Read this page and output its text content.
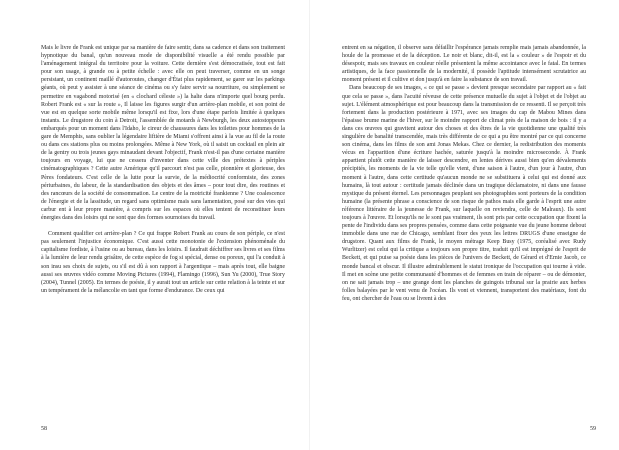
Mais le livre de Frank est unique par sa manière de faire sentir, dans sa cadence et dans son traitement hypnotique du banal, qu'un nouveau mode de disponibilité visuelle a été rendu possible par l'aménagement intégral du territoire pour la voiture. Cette dernière s'est démocratisée, tout est fait pour son usage, à grande ou à petite échelle : avec elle on peut traverser, comme en un songe persistant, un continent maillé d'autoroutes, changer d'État plus rapidement, se garer sur les parkings géants, où peut y assister à une séance de cinéma ou s'y faire servir sa nourriture, ou simplement se permettre en vagabond motorisé (en « clochard céleste ») la halte dans n'importe quel bourg perdu. Robert Frank est « sur la route », Il laisse les figures surgir d'un arrière-plan mobile, et son point de vue est en quelque sorte mobile même lorsqu'il est fixe, lors d'une étape parfois limitée à quelques instants. Le drugstore du coin à Detroit, l'assemblée de motards à Newburgh, les deux autostoppeurs embarqués pour un moment dans l'Idaho, le cireur de chaussures dans les toilettes pour hommes de la gare de Memphis, sans oublier la légendaire liftière de Miami s'offrent ainsi à la vue au fil de la route ou dans ces stations plus ou moins prolongées. Même à New York, où il saisit un cocktail en plein air de la gentry ou trois jeunes gays minaudant devant l'objectif, Frank n'est-il pas d'une certaine manière toujours en voyage, lui que ne cessera d'inventer dans cette ville des prétextes à périples cinématographiques ? Cette autre Amérique qu'il parcourt n'est pas celle, pionnière et glorieuse, des Pères fondateurs. C'est celle de la lutte pour la survie, de la médiocrité conformiste, des zones périurbaines, du labeur, de la standardisation des objets et des âmes – pour tout dire, des routines et des rancœurs de la société de consommation. Le centre de la motricité frankienne ? Une coalescence de l'énergie et de la lassitude, un regard sans optimisme mais sans lamentation, posé sur des vies qui carbur ent à leur propre manière, à compris sur les espaces où elles tentent de reconstituer leurs énergies dans des loisirs qui ne sont que des formes sournoises du travail.

Comment qualifier cet arrière-plan ? Ce qui frappe Robert Frank au cours de son périple, ce n'est pas seulement l'injustice économique. C'est aussi cette monotonie de l'extension phénoménale du capitalisme fordiste, à l'usine ou au bureau, dans les loisirs. Il faudrait déchiffrer ses livres et ses films à la lumière de leur rendu grisâtre, de cette espèce de fog si spécial, dense ou poreux, qui l'a conduit à son insu ses choix de sujets, ou s'il est dû à son rapport à l'argentique – mais après tout, elle baigne aussi ses œuvres vidéo comme Moving Pictures (1994), Flamingo (1996), Sun Yu (2000), True Story (2004), Tunnel (2005). En termes de poésie, il y aurait tout un article sur cette relation à la teinte et sur un tempérament de la mélancolie en tant que forme d'endurance. De ceux qui

58

entrent en sa négation, il observe sans défaillir l'espérance jamais remplie mais jamais abandonnée, la houle de la promesse et de la déception. Le noir et blanc, dit-il, est la « couleur » de l'espoir et du désespoir, mais ses travaux en couleur réelle présentent la même accointance avec le fatal. En termes artistiques, de la face passionnelle de la modernité, il possède l'aptitude intensément scrutatrice au moment présent et il cultive et don jusqu'à en faire la substance de son travail.

Dans beaucoup de ses images, « ce qui se passe » devient presque secondaire par rapport au « fait que cela se passe », dans l'acuité réveuse de cette présence mutuelle du sujet à l'objet et de l'objet au sujet. L'élément atmosphérique est pour beaucoup dans la transmission de ce ressenti. Il se perçoit très fortement dans la production postérieure à 1971, avec ses images du cap de Mabou Mines dans l'épaisse brume marine de l'hiver, sur le moindre rapport de climat près de la maison de bois : il y a dans ces œuvres qui gravitent autour des choses et des êtres de la vie quotidienne une qualité très singulière de banalité transcendée, mais très différente de ce qui a pu être montré par ce qui concerne son cinéma, dans les films de son ami Jonas Mekas. Chez ce dernier, la redistribution des moments vécus en l'apparition d'une écriture hachée, saturée jusqu'à la moindre microseconde. À Frank appartient plutôt cette manière de laisser descendre, en lentes dérives aussi bien qu'en dévalements précipités, les moments de la vie telle qu'elle vient, d'une saison à l'autre, d'un jour à l'autre, d'un moment à l'autre, dans cette certitude qu'aucun monde ne se substituera à celui qui est donné aux humains, là tout autour : certitude jamais déclinée dans un tragique déclamatoire, ni dans une fausse mystique du présent éternel. Les personnages peuplant ses photographies sont porteurs de la condition humaine (la présente phrase a conscience de son risque de pathos mais elle garde à l'esprit une autre référence littéraire de la jeunesse de Frank, sur laquelle on reviendra, celle de Malraux). Ils sont toujours à l'œuvre. Et lorsqu'ils ne le sont pas vraiment, ils sont pris par cette occupation que fixent la pente de l'individu dans ses propres pensées, comme dans cette poignante vue du jeune homme debout immobile dans une rue de Chicago, semblant fixer des yeux les lettres DRUGS d'une enseigne de drugstore. Quant aux films de Frank, le moyen métrage Keep Busy (1975, coréalisé avec Rudy Wurlitzer) est celui qui la critique a toujours son propre titre, traduit qu'il est imprégné de l'esprit de Beckett, et qui puise sa poésie dans les pièces de l'univers de Beckett, de Gérard et d'Ernie Jacob, ce monde bancal et obscur. Il illustre admirablement le statut ironique de l'occupation qui tourne à vide. Il met en scène une petite communauté d'hommes et de femmes en train de réparer – ou de démonter, on ne sait jamais trop – une grange dont les planches de guingois tribunal sur la prairie aux herbes folles balayées par le vent venu de l'océan. Ils vont et viennent, transportent des matériaux, font du feu, ont chercher de l'eau ou se livrent à des

59
